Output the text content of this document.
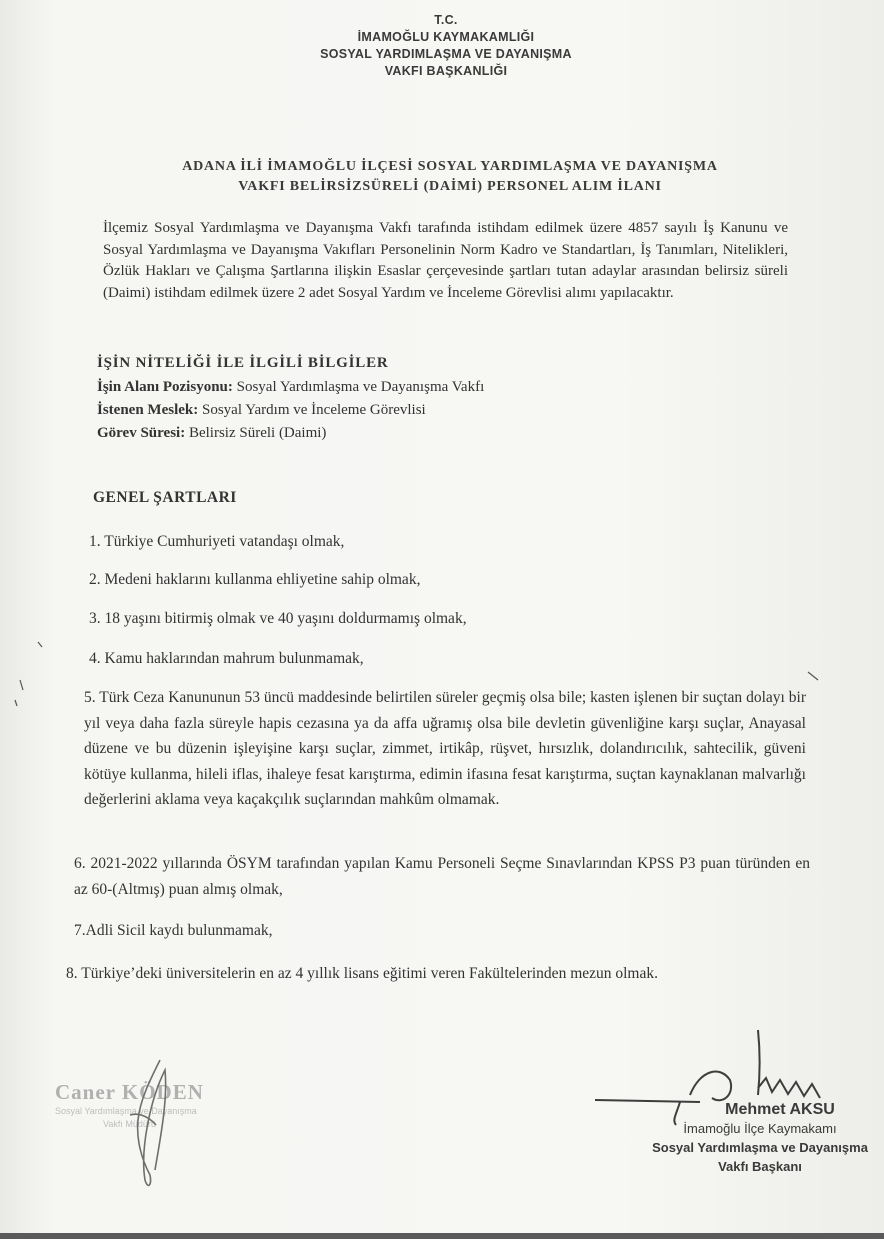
T.C.
İMAMOĞLU KAYMAKAMLIĞI
SOSYAL YARDIMLAŞMA VE DAYANIŞMA
VAKFI BAŞKANLIĞI
ADANA İLİ İMAMOĞLU İLÇESİ SOSYAL YARDIMLAŞMA VE DAYANIŞMA
VAKFI BELİRSİZSÜRELİ (DAİMİ) PERSONEL ALIM İLANI
İlçemiz Sosyal Yardımlaşma ve Dayanışma Vakfı tarafında istihdam edilmek üzere 4857 sayılı İş Kanunu ve Sosyal Yardımlaşma ve Dayanışma Vakıfları Personelinin Norm Kadro ve Standartları, İş Tanımları, Nitelikleri, Özlük Hakları ve Çalışma Şartlarına ilişkin Esaslar çerçevesinde şartları tutan adaylar arasından belirsiz süreli (Daimi) istihdam edilmek üzere 2 adet Sosyal Yardım ve İnceleme Görevlisi alımı yapılacaktır.
İŞİN NİTELİĞİ İLE İLGİLİ BİLGİLER
İşin Alanı Pozisyonu: Sosyal Yardımlaşma ve Dayanışma Vakfı
İstenen Meslek: Sosyal Yardım ve İnceleme Görevlisi
Görev Süresi: Belirsiz Süreli (Daimi)
GENEL ŞARTLARI
1. Türkiye Cumhuriyeti vatandaşı olmak,
2. Medeni haklarını kullanma ehliyetine sahip olmak,
3. 18 yaşını bitirmiş olmak ve 40 yaşını doldurmamış olmak,
4. Kamu haklarından mahrum bulunmamak,
5. Türk Ceza Kanununun 53 üncü maddesinde belirtilen süreler geçmiş olsa bile; kasten işlenen bir suçtan dolayı bir yıl veya daha fazla süreyle hapis cezasına ya da affa uğramış olsa bile devletin güvenliğine karşı suçlar, Anayasal düzene ve bu düzenin işleyişine karşı suçlar, zimmet, irtikâp, rüşvet, hırsızlık, dolandırıcılık, sahtecilik, güveni kötüye kullanma, hileli iflas, ihaleye fesat karıştırma, edimin ifasına fesat karıştırma, suçtan kaynaklanan malvarlığı değerlerini aklama veya kaçakçılık suçlarından mahkûm olmamak.
6. 2021-2022 yıllarında ÖSYM tarafından yapılan Kamu Personeli Seçme Sınavlarından KPSS P3 puan türünden en az 60-(Altmış) puan almış olmak,
7.Adli Sicil kaydı bulunmamak,
8. Türkiye’deki üniversitelerin en az 4 yıllık lisans eğitimi veren Fakültelerinden mezun olmak.
Caner KÖDEN
Sosyal Yardımlaşma ve Dayanışma
Vakfı Müdürü
Mehmet AKSU
İmamoğlu İlçe Kaymakamı
Sosyal Yardımlaşma ve Dayanışma
Vakfı Başkanı
